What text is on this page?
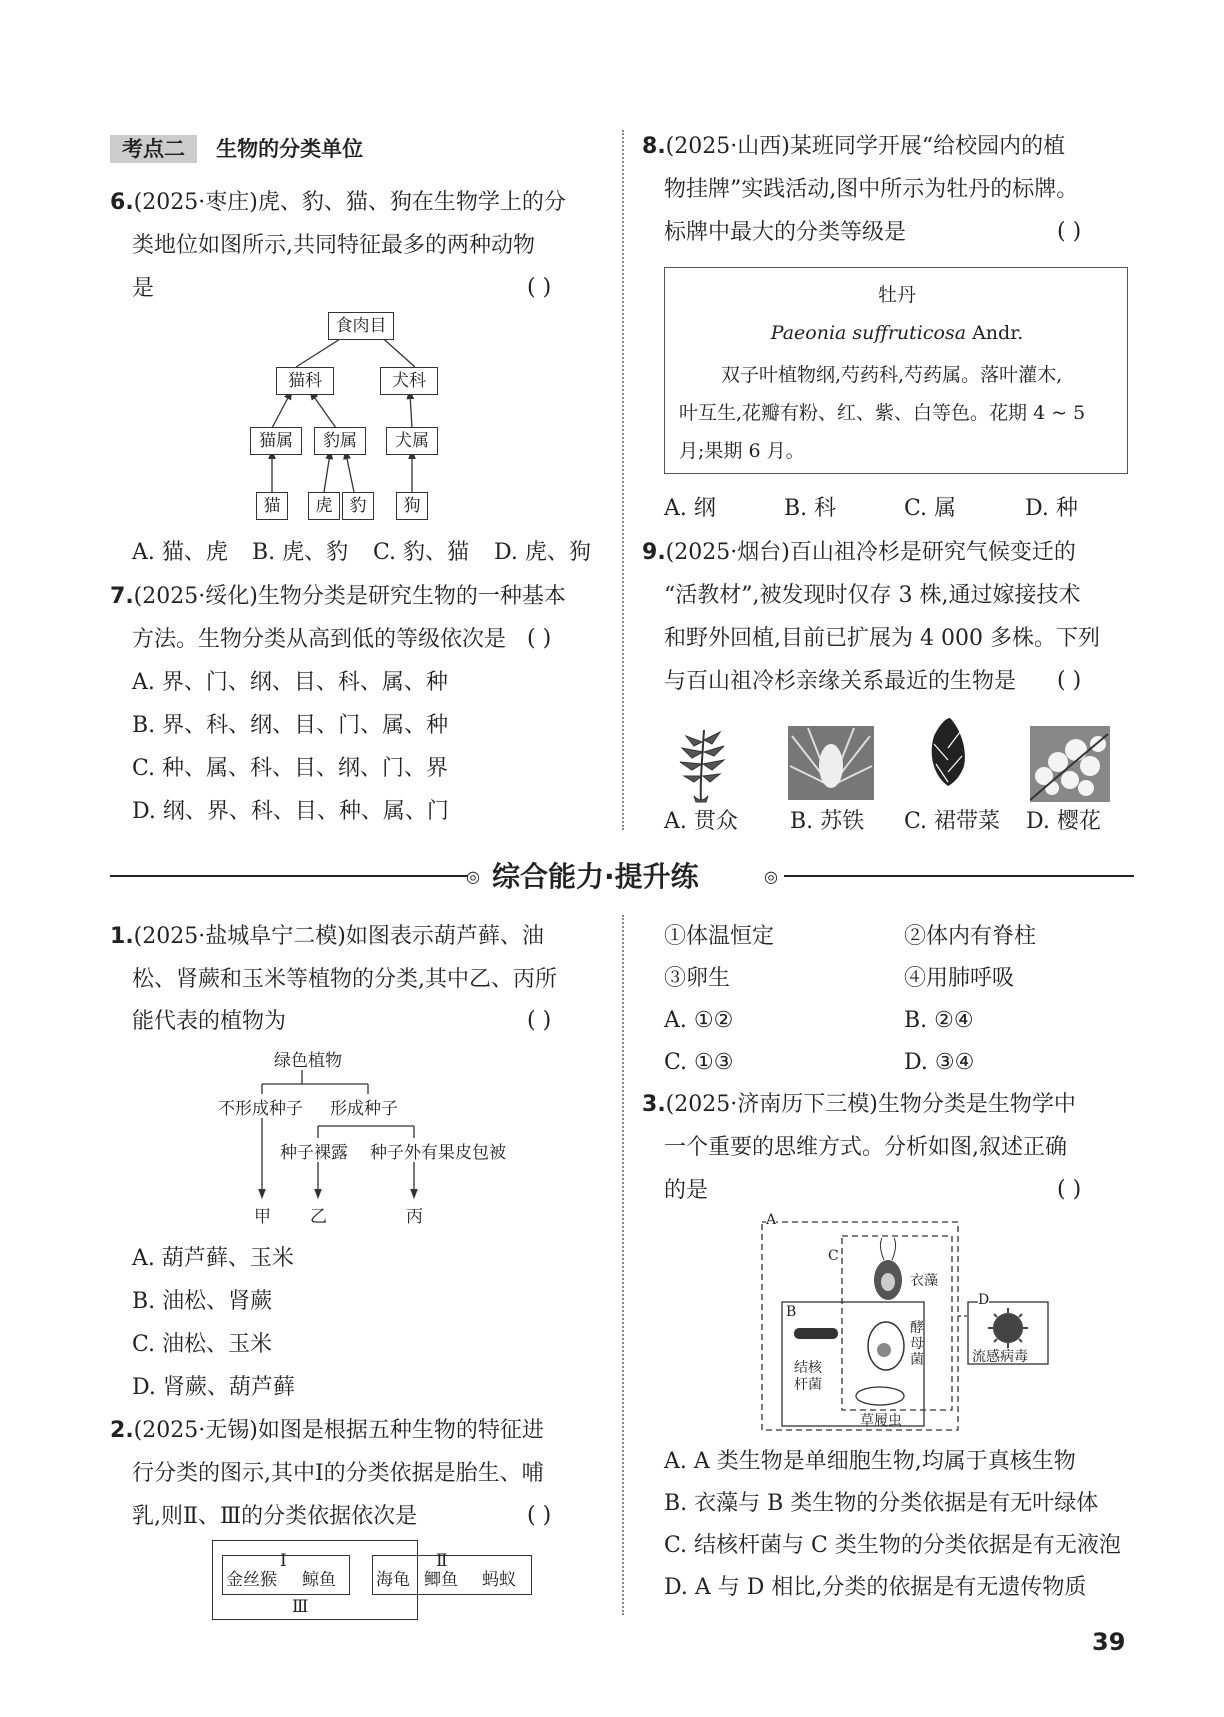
考点二 生物的分类单位
6.(2025·枣庄)虎、豹、猫、狗在生物学上的分
类地位如图所示,共同特征最多的两种动物
是	( )
食肉目
猫科	犬科
猫属	豹属	犬属
猫	虎	豹	狗
A. 猫、虎 B. 虎、豹 C. 豹、猫 D. 虎、狗
7.(2025·绥化)生物分类是研究生物的一种基本
方法。生物分类从高到低的等级依次是 ( )
A. 界、门、纲、目、科、属、种
B. 界、科、纲、目、门、属、种
C. 种、属、科、目、纲、门、界
D. 纲、界、科、目、种、属、门
8.(2025·山西)某班同学开展“给校园内的植
物挂牌”实践活动,图中所示为牡丹的标牌。
标牌中最大的分类等级是	( )
牡丹
Paeonia suffruticosa Andr.
双子叶植物纲,芍药科,芍药属。落叶灌木,
叶互生,花瓣有粉、红、紫、白等色。花期 4 ~ 5
月;果期 6 月。
A. 纲	B. 科	C. 属	D. 种
9.(2025·烟台)百山祖冷杉是研究气候变迁的
“活教材”,被发现时仅存 3 株,通过嫁接技术
和野外回植,目前已扩展为 4 000 多株。下列
与百山祖冷杉亲缘关系最近的生物是 ( )
A. 贯众 B. 苏铁 C. 裙带菜 D. 樱花
◎ 综合能力·提升练	◎
1.(2025·盐城阜宁二模)如图表示葫芦藓、油
松、肾蕨和玉米等植物的分类,其中乙、丙所
能代表的植物为	( )
绿色植物
不形成种子 形成种子
种子裸露 种子外有果皮包被
甲 乙	丙
A. 葫芦藓、玉米
B. 油松、肾蕨
C. 油松、玉米
D. 肾蕨、葫芦藓
2.(2025·无锡)如图是根据五种生物的特征进
行分类的图示,其中Ⅰ的分类依据是胎生、哺
乳,则Ⅱ、Ⅲ的分类依据依次是	( )
Ⅰ	Ⅱ
Ⅲ
金丝猴 鲸鱼 海龟 鲫鱼 蚂蚁
①体温恒定	②体内有脊柱
③卵生	④用肺呼吸
A. ①②	B. ②④
C. ①③	D. ③④
3.(2025·济南历下三模)生物分类是生物学中
一个重要的思维方式。分析如图,叙述正确
的是	( )
A
C
B
D
衣藻
酵母菌
结核杆菌
草履虫
流感病毒
A. A 类生物是单细胞生物,均属于真核生物
B. 衣藻与 B 类生物的分类依据是有无叶绿体
C. 结核杆菌与 C 类生物的分类依据是有无液泡
D. A 与 D 相比,分类的依据是有无遗传物质
39
